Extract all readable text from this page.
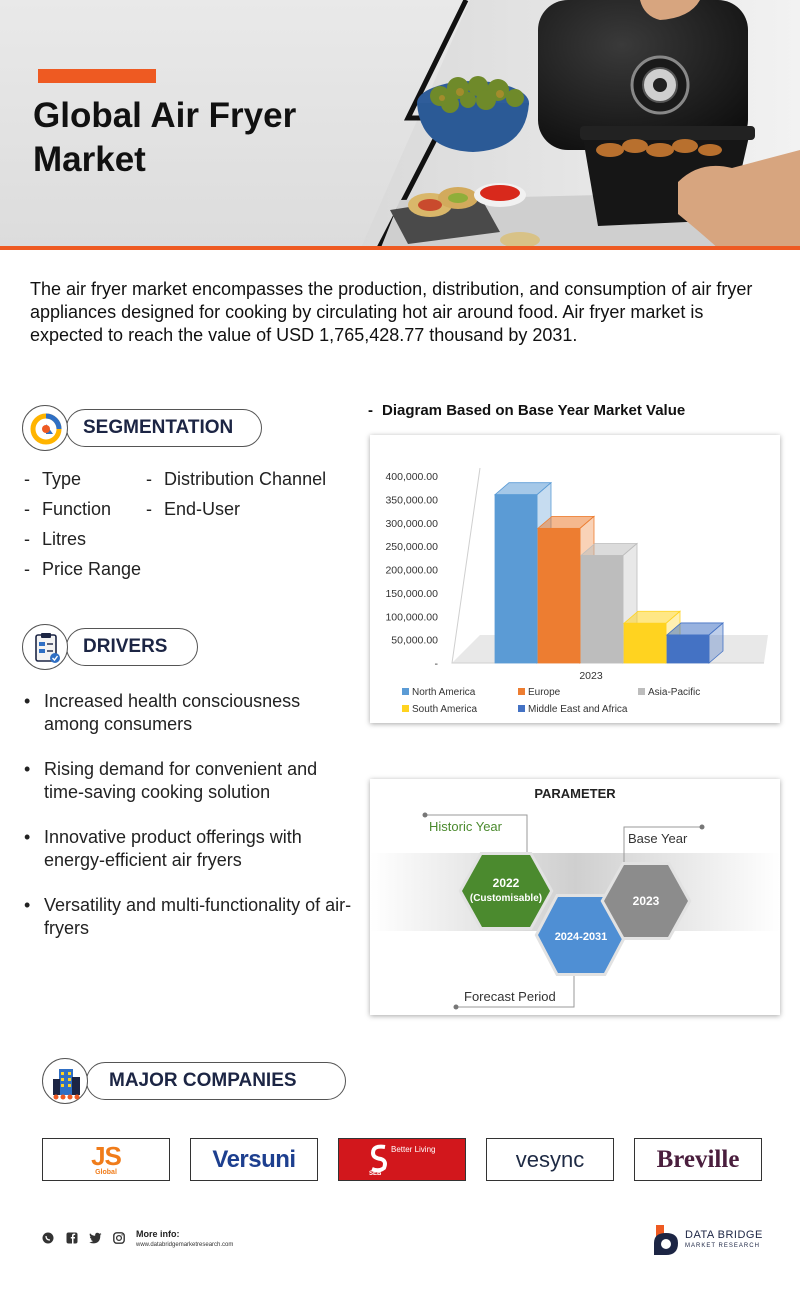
Global Air Fryer Market

The air fryer market encompasses the production, distribution, and consumption of air fryer appliances designed for cooking by circulating hot air around food. Air fryer market is expected to reach the value of USD 1,765,428.77 thousand by 2031.

SEGMENTATION
- Type
- Function
- Litres
- Price Range
- Distribution Channel
- End-User
DRIVERS
• Increased health consciousness among consumers
• Rising demand for convenient and time-saving cooking solution
• Innovative product offerings with energy-efficient air fryers
• Versatility and multi-functionality of air-fryers
- Diagram Based on Base Year Market Value
400,000.00
350,000.00
300,000.00
250,000.00
200,000.00
150,000.00
100,000.00
50,000.00
-
2023
North America	Europe	Asia-Pacific
South America	Middle East and Africa
PARAMETER
Historic Year
2022
(Customisable)
Base Year
2023
2024-2031
Forecast Period
MAJOR COMPANIES
JS
Global	Versuni	Better Living
SEB
vesync	Breville
More info:
www.databridgemarketresearch.com
DATA BRIDGE
MARKET RESEARCH
